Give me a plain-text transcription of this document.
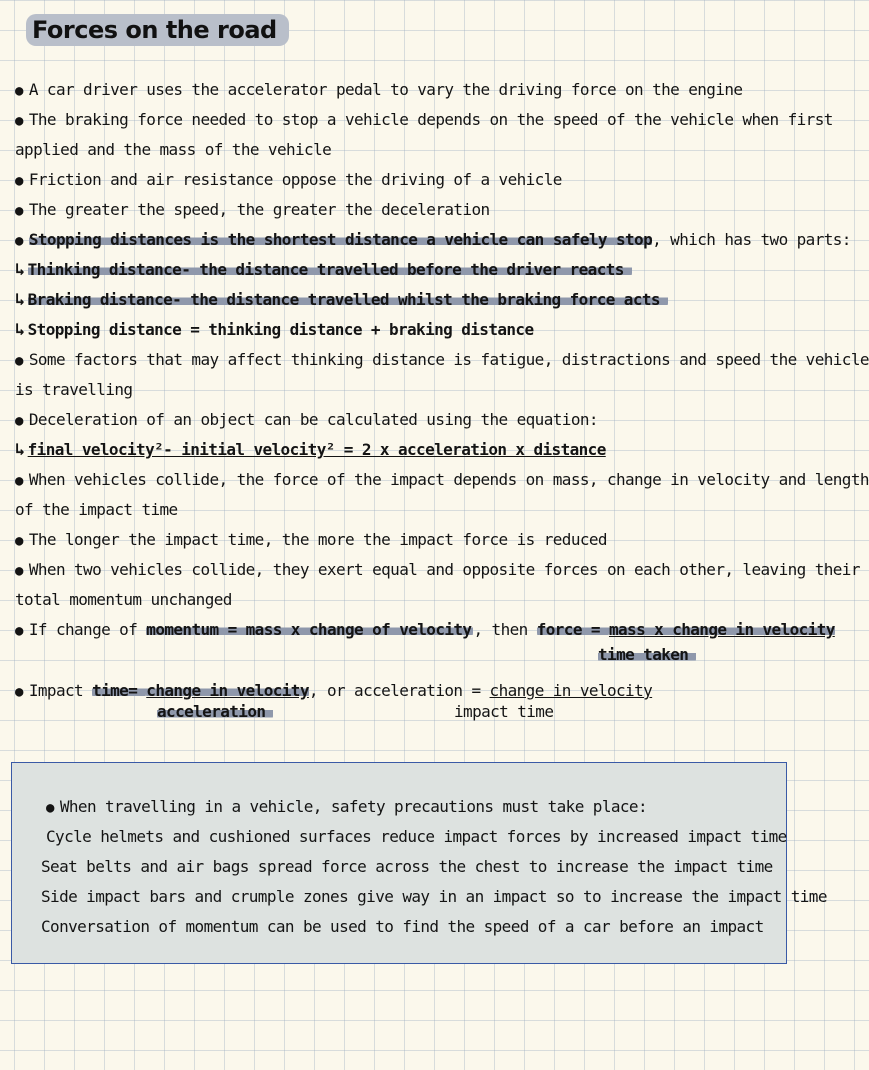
Forces on the road
● A car driver uses the accelerator pedal to vary the driving force on the engine
● The braking force needed to stop a vehicle depends on the speed of the vehicle when first
applied and the mass of the vehicle
● Friction and air resistance oppose the driving of a vehicle
● The greater the speed, the greater the deceleration
● Stopping distances is the shortest distance a vehicle can safely stop, which has two parts:
↳ Thinking distance- the distance travelled before the driver reacts
↳ Braking distance- the distance travelled whilst the braking force acts
↳ Stopping distance = thinking distance + braking distance
● Some factors that may affect thinking distance is fatigue, distractions and speed the vehicle
is travelling
● Deceleration of an object can be calculated using the equation:
↳ final velocity²- initial velocity² = 2 x acceleration x distance
● When vehicles collide, the force of the impact depends on mass, change in velocity and length
of the impact time
● The longer the impact time, the more the impact force is reduced
● When two vehicles collide, they exert equal and opposite forces on each other, leaving their
total momentum unchanged
● If change of momentum = mass x change of velocity , then force = mass x change in velocity
time taken
● Impact time= change in velocity, or acceleration = change in velocity
acceleration	impact time
● When travelling in a vehicle, safety precautions must take place:
Cycle helmets and cushioned surfaces reduce impact forces by increased impact time
Seat belts and air bags spread force across the chest to increase the impact time
Side impact bars and crumple zones give way in an impact so to increase the impact time
Conversation of momentum can be used to find the speed of a car before an impact
